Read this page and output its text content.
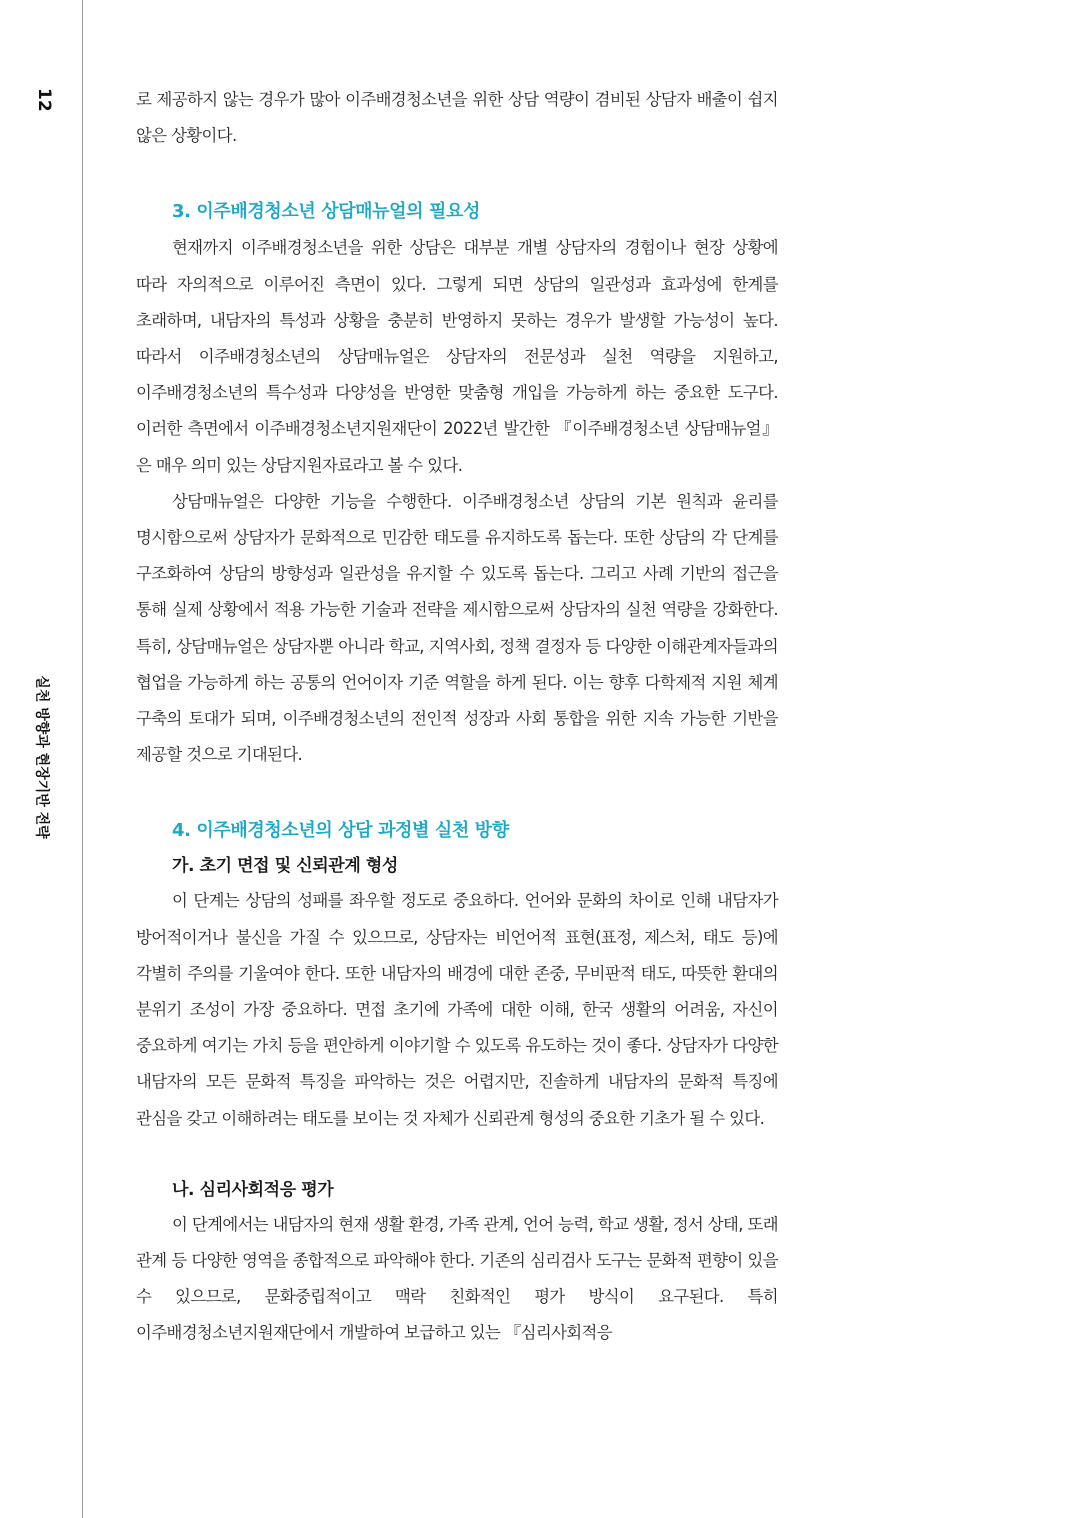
12
실천 방향과 현장기반 전략

로 제공하지 않는 경우가 많아 이주배경청소년을 위한 상담 역량이 겸비된 상담자 배출이 쉽지 않은 상황이다.

3. 이주배경청소년 상담매뉴얼의 필요성

현재까지 이주배경청소년을 위한 상담은 대부분 개별 상담자의 경험이나 현장 상황에 따라 자의적으로 이루어진 측면이 있다. 그렇게 되면 상담의 일관성과 효과성에 한계를 초래하며, 내담자의 특성과 상황을 충분히 반영하지 못하는 경우가 발생할 가능성이 높다. 따라서 이주배경청소년의 상담매뉴얼은 상담자의 전문성과 실천 역량을 지원하고, 이주배경청소년의 특수성과 다양성을 반영한 맞춤형 개입을 가능하게 하는 중요한 도구다. 이러한 측면에서 이주배경청소년지원재단이 2022년 발간한 『이주배경청소년 상담매뉴얼』은 매우 의미 있는 상담지원자료라고 볼 수 있다.

상담매뉴얼은 다양한 기능을 수행한다. 이주배경청소년 상담의 기본 원칙과 윤리를 명시함으로써 상담자가 문화적으로 민감한 태도를 유지하도록 돕는다. 또한 상담의 각 단계를 구조화하여 상담의 방향성과 일관성을 유지할 수 있도록 돕는다. 그리고 사례 기반의 접근을 통해 실제 상황에서 적용 가능한 기술과 전략을 제시함으로써 상담자의 실천 역량을 강화한다. 특히, 상담매뉴얼은 상담자뿐 아니라 학교, 지역사회, 정책 결정자 등 다양한 이해관계자들과의 협업을 가능하게 하는 공통의 언어이자 기준 역할을 하게 된다. 이는 향후 다학제적 지원 체계 구축의 토대가 되며, 이주배경청소년의 전인적 성장과 사회 통합을 위한 지속 가능한 기반을 제공할 것으로 기대된다.

4. 이주배경청소년의 상담 과정별 실천 방향
가. 초기 면접 및 신뢰관계 형성

이 단계는 상담의 성패를 좌우할 정도로 중요하다. 언어와 문화의 차이로 인해 내담자가 방어적이거나 불신을 가질 수 있으므로, 상담자는 비언어적 표현(표정, 제스처, 태도 등)에 각별히 주의를 기울여야 한다. 또한 내담자의 배경에 대한 존중, 무비판적 태도, 따뜻한 환대의 분위기 조성이 가장 중요하다. 면접 초기에 가족에 대한 이해, 한국 생활의 어려움, 자신이 중요하게 여기는 가치 등을 편안하게 이야기할 수 있도록 유도하는 것이 좋다. 상담자가 다양한 내담자의 모든 문화적 특징을 파악하는 것은 어렵지만, 진솔하게 내담자의 문화적 특징에 관심을 갖고 이해하려는 태도를 보이는 것 자체가 신뢰관계 형성의 중요한 기초가 될 수 있다.

나. 심리사회적응 평가

이 단계에서는 내담자의 현재 생활 환경, 가족 관계, 언어 능력, 학교 생활, 정서 상태, 또래 관계 등 다양한 영역을 종합적으로 파악해야 한다. 기존의 심리검사 도구는 문화적 편향이 있을 수 있으므로, 문화중립적이고 맥락 친화적인 평가 방식이 요구된다. 특히 이주배경청소년지원재단에서 개발하여 보급하고 있는 『심리사회적응
